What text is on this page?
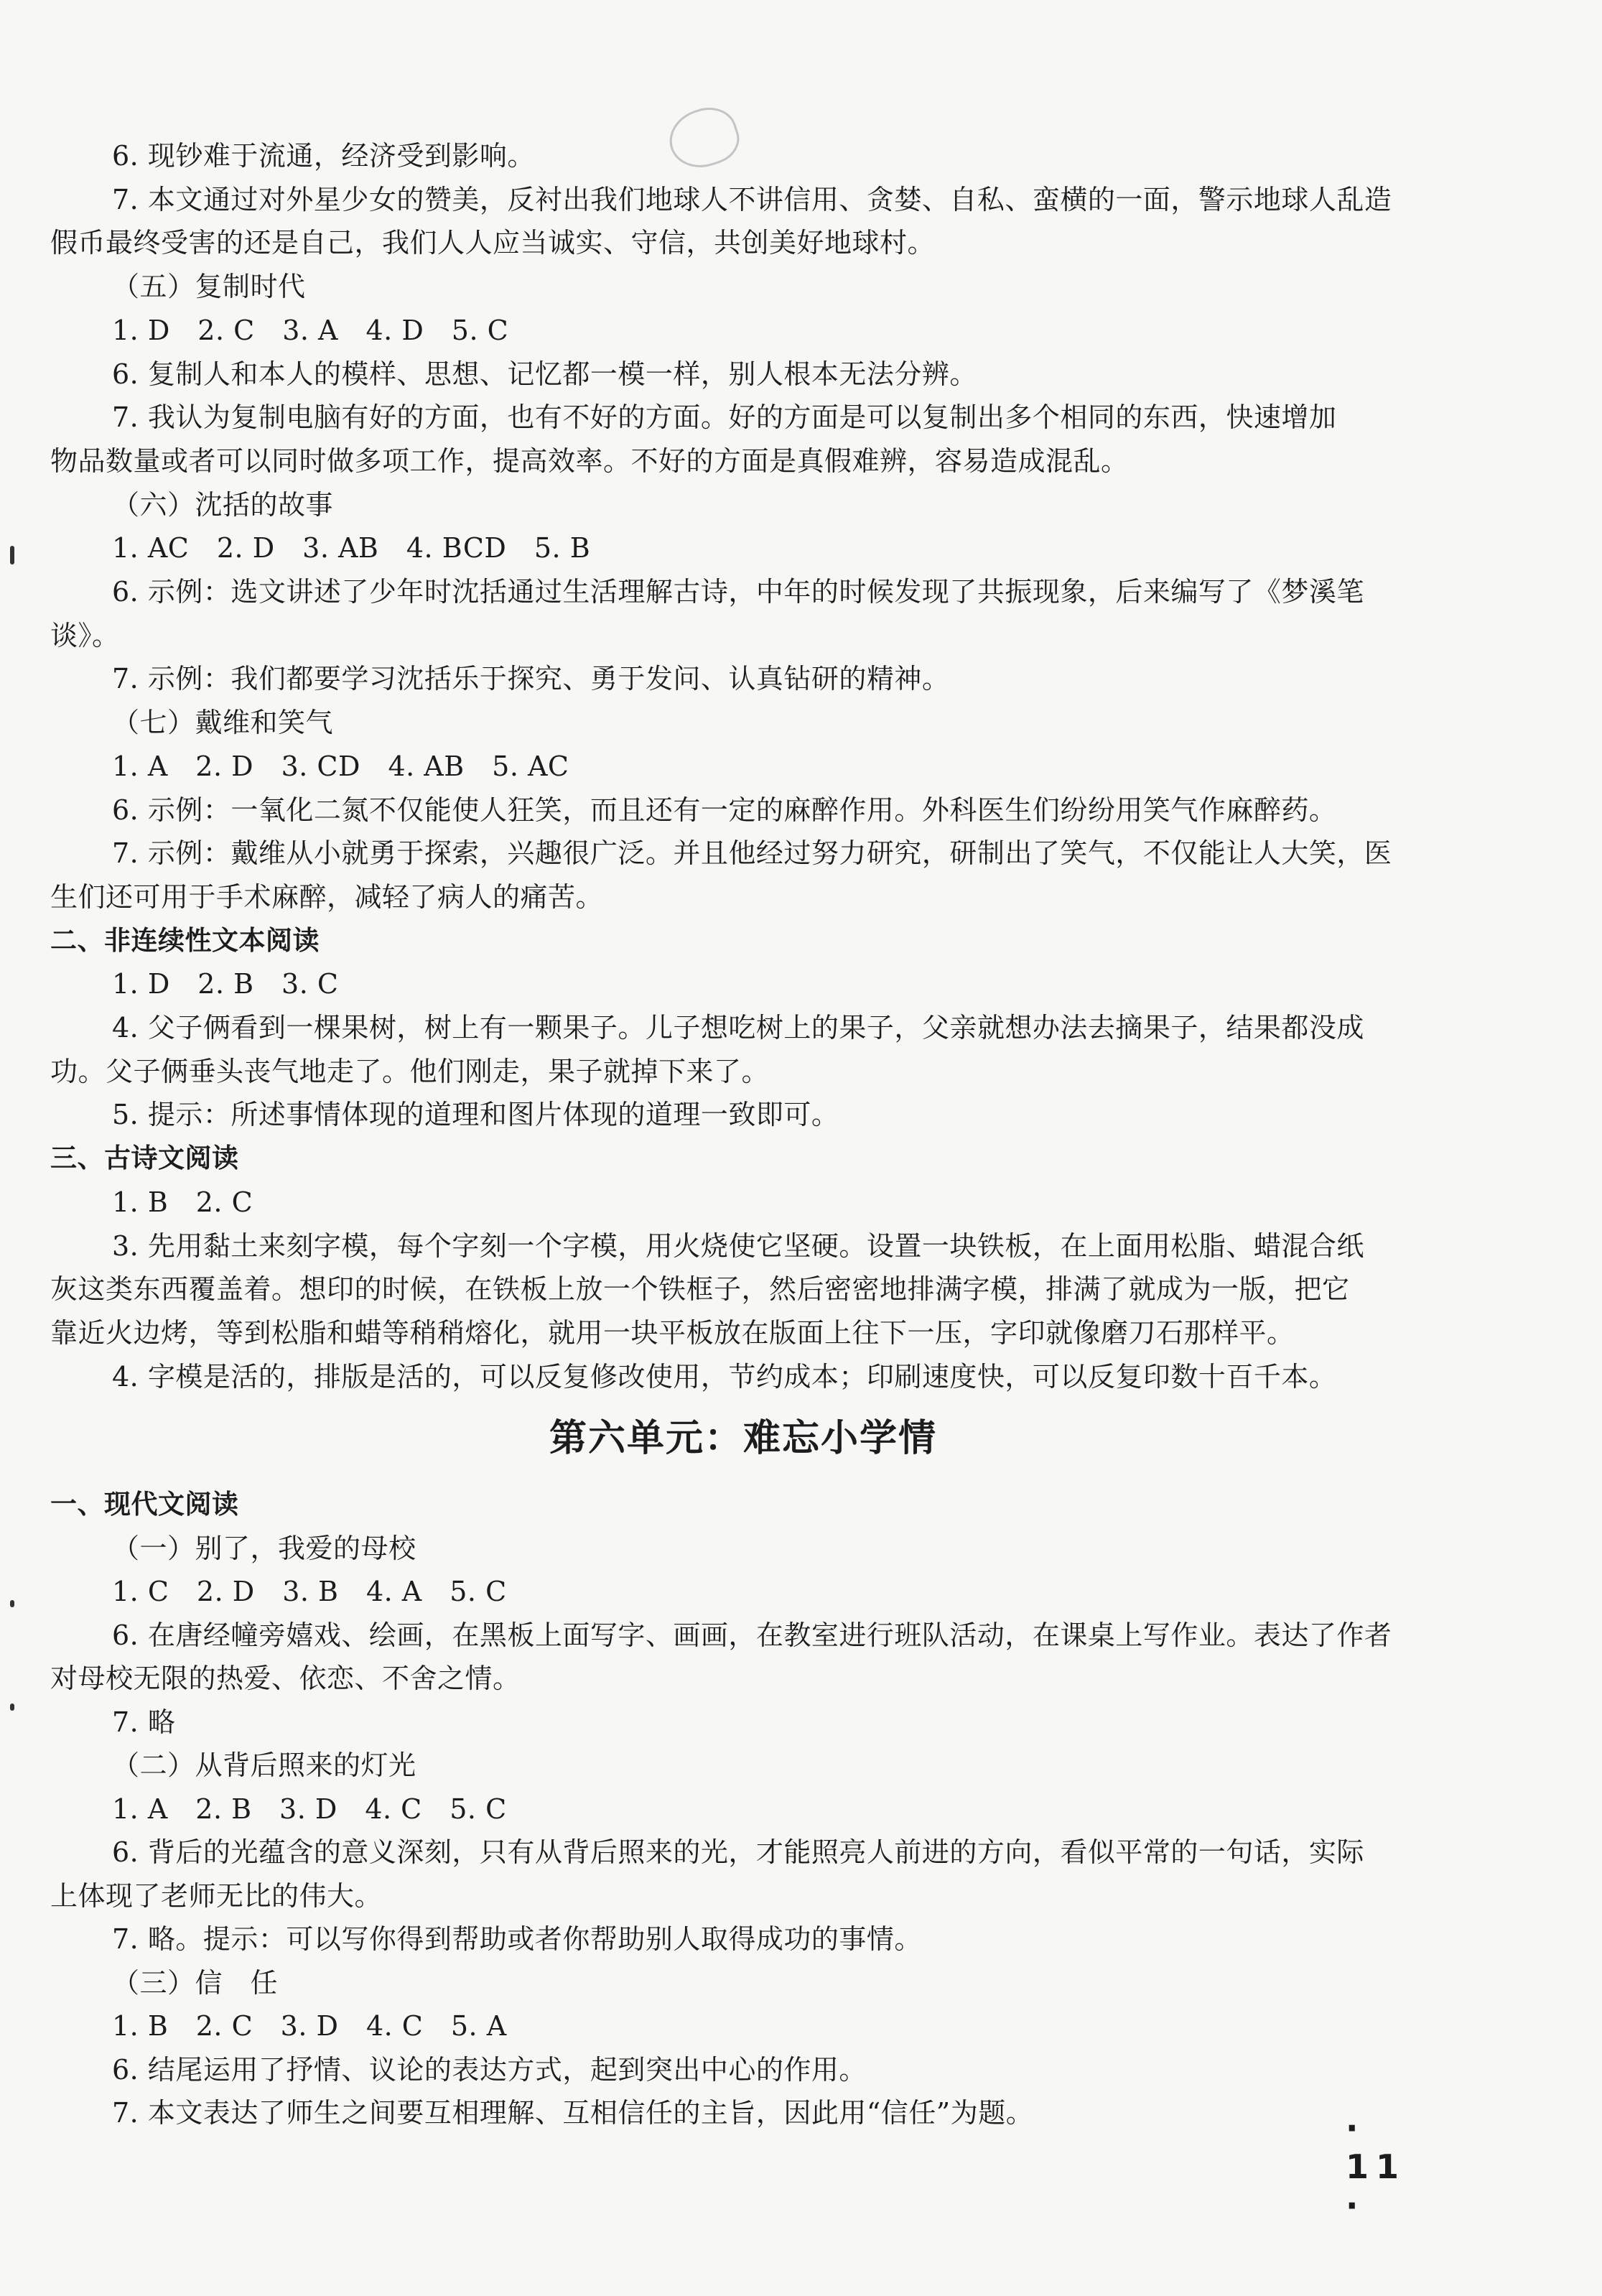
6. 现钞难于流通，经济受到影响。
7. 本文通过对外星少女的赞美，反衬出我们地球人不讲信用、贪婪、自私、蛮横的一面，警示地球人乱造
假币最终受害的还是自己，我们人人应当诚实、守信，共创美好地球村。
（五）复制时代
1. D　2. C　3. A　4. D　5. C
6. 复制人和本人的模样、思想、记忆都一模一样，别人根本无法分辨。
7. 我认为复制电脑有好的方面，也有不好的方面。好的方面是可以复制出多个相同的东西，快速增加
物品数量或者可以同时做多项工作，提高效率。不好的方面是真假难辨，容易造成混乱。
（六）沈括的故事
1. AC　2. D　3. AB　4. BCD　5. B
6. 示例：选文讲述了少年时沈括通过生活理解古诗，中年的时候发现了共振现象，后来编写了《梦溪笔
谈》。
7. 示例：我们都要学习沈括乐于探究、勇于发问、认真钻研的精神。
（七）戴维和笑气
1. A　2. D　3. CD　4. AB　5. AC
6. 示例：一氧化二氮不仅能使人狂笑，而且还有一定的麻醉作用。外科医生们纷纷用笑气作麻醉药。
7. 示例：戴维从小就勇于探索，兴趣很广泛。并且他经过努力研究，研制出了笑气，不仅能让人大笑，医
生们还可用于手术麻醉，减轻了病人的痛苦。
二、非连续性文本阅读
1. D　2. B　3. C
4. 父子俩看到一棵果树，树上有一颗果子。儿子想吃树上的果子，父亲就想办法去摘果子，结果都没成
功。父子俩垂头丧气地走了。他们刚走，果子就掉下来了。
5. 提示：所述事情体现的道理和图片体现的道理一致即可。
三、古诗文阅读
1. B　2. C
3. 先用黏土来刻字模，每个字刻一个字模，用火烧使它坚硬。设置一块铁板，在上面用松脂、蜡混合纸
灰这类东西覆盖着。想印的时候，在铁板上放一个铁框子，然后密密地排满字模，排满了就成为一版，把它
靠近火边烤，等到松脂和蜡等稍稍熔化，就用一块平板放在版面上往下一压，字印就像磨刀石那样平。
4. 字模是活的，排版是活的，可以反复修改使用，节约成本；印刷速度快，可以反复印数十百千本。
第六单元：难忘小学情
一、现代文阅读
（一）别了，我爱的母校
1. C　2. D　3. B　4. A　5. C
6. 在唐经幢旁嬉戏、绘画，在黑板上面写字、画画，在教室进行班队活动，在课桌上写作业。表达了作者
对母校无限的热爱、依恋、不舍之情。
7. 略
（二）从背后照来的灯光
1. A　2. B　3. D　4. C　5. C
6. 背后的光蕴含的意义深刻，只有从背后照来的光，才能照亮人前进的方向，看似平常的一句话，实际
上体现了老师无比的伟大。
7. 略。提示：可以写你得到帮助或者你帮助别人取得成功的事情。
（三）信　任
1. B　2. C　3. D　4. C　5. A
6. 结尾运用了抒情、议论的表达方式，起到突出中心的作用。
7. 本文表达了师生之间要互相理解、互相信任的主旨，因此用“信任”为题。	· 11 ·
